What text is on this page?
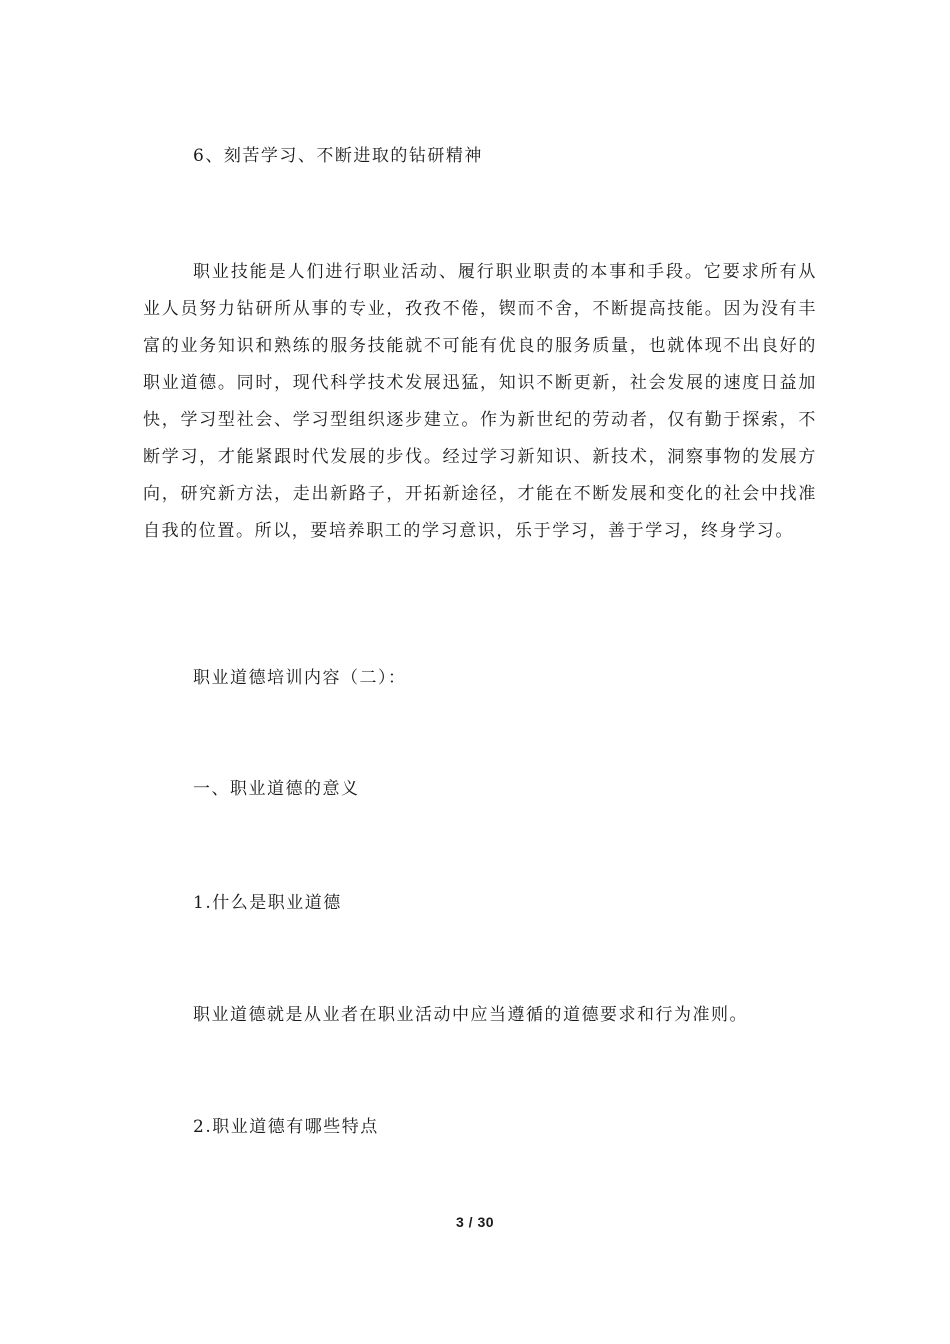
6、刻苦学习、不断进取的钻研精神

职业技能是人们进行职业活动、履行职业职责的本事和手段。它要求所有从业人员努力钻研所从事的专业，孜孜不倦，锲而不舍，不断提高技能。因为没有丰富的业务知识和熟练的服务技能就不可能有优良的服务质量，也就体现不出良好的职业道德。同时，现代科学技术发展迅猛，知识不断更新，社会发展的速度日益加快，学习型社会、学习型组织逐步建立。作为新世纪的劳动者，仅有勤于探索，不断学习，才能紧跟时代发展的步伐。经过学习新知识、新技术，洞察事物的发展方向，研究新方法，走出新路子，开拓新途径，才能在不断发展和变化的社会中找准自我的位置。所以，要培养职工的学习意识，乐于学习，善于学习，终身学习。

职业道德培训内容（二）：
一、职业道德的意义
1.什么是职业道德
职业道德就是从业者在职业活动中应当遵循的道德要求和行为准则。
2.职业道德有哪些特点
3 / 30
